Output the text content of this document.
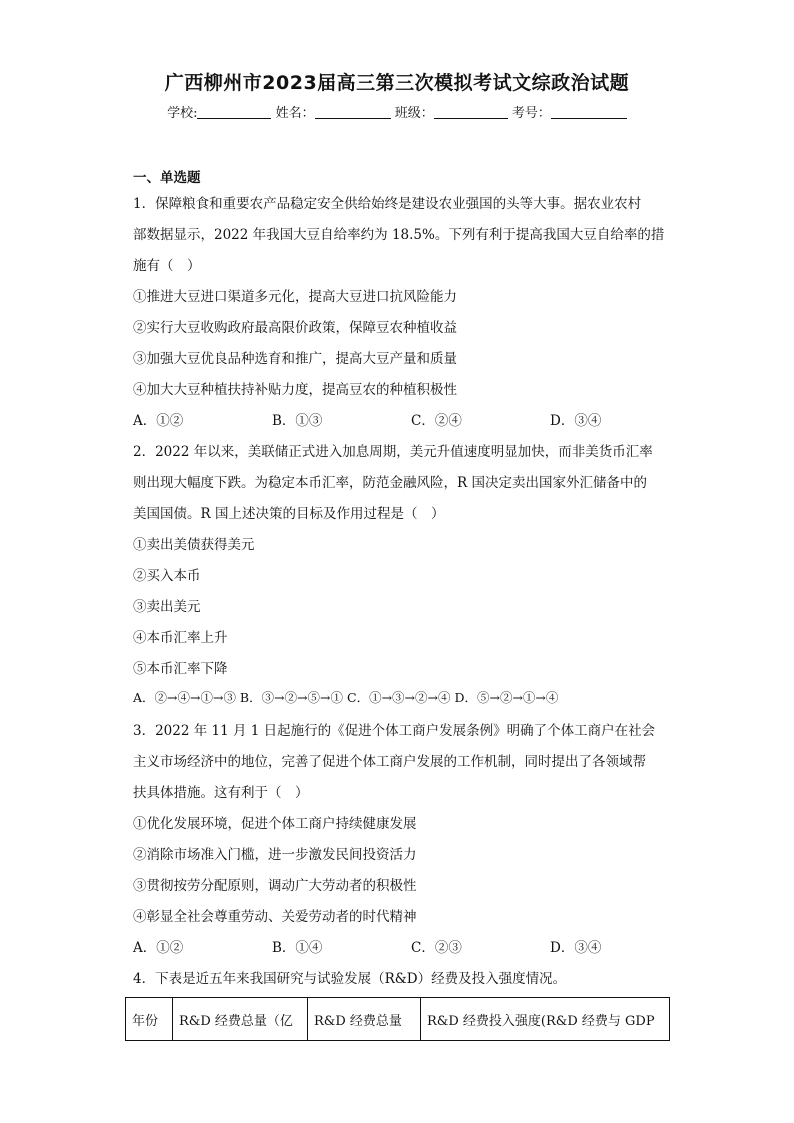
广西柳州市2023届高三第三次模拟考试文综政治试题
学校:	姓名：	班级：	考号：
一、单选题
1．保障粮食和重要农产品稳定安全供给始终是建设农业强国的头等大事。据农业农村
部数据显示，2022 年我国大豆自给率约为 18.5%。下列有利于提高我国大豆自给率的措
施有（　）
①推进大豆进口渠道多元化，提高大豆进口抗风险能力
②实行大豆收购政府最高限价政策，保障豆农种植收益
③加强大豆优良品种选育和推广，提高大豆产量和质量
④加大大豆种植扶持补贴力度，提高豆农的种植积极性
A．①②	B．①③	C．②④	D．③④
2．2022 年以来，美联储正式进入加息周期，美元升值速度明显加快，而非美货币汇率
则出现大幅度下跌。为稳定本币汇率，防范金融风险，R 国决定卖出国家外汇储备中的
美国国债。R 国上述决策的目标及作用过程是（　）
①卖出美债获得美元
②买入本币
③卖出美元
④本币汇率上升
⑤本币汇率下降
A．②→④→①→③ B．③→②→⑤→① C．①→③→②→④ D．⑤→②→①→④
3．2022 年 11 月 1 日起施行的《促进个体工商户发展条例》明确了个体工商户在社会
主义市场经济中的地位，完善了促进个体工商户发展的工作机制，同时提出了各领域帮
扶具体措施。这有利于（　）
①优化发展环境，促进个体工商户持续健康发展
②消除市场准入门槛，进一步激发民间投资活力
③贯彻按劳分配原则，调动广大劳动者的积极性
④彰显全社会尊重劳动、关爱劳动者的时代精神
A．①②	B．①④	C．②③	D．③④
4．下表是近五年来我国研究与试验发展（R&D）经费及投入强度情况。
年份	R&D 经费总量（亿	R&D 经费总量	R&D 经费投入强度(R&D 经费与 GDP
